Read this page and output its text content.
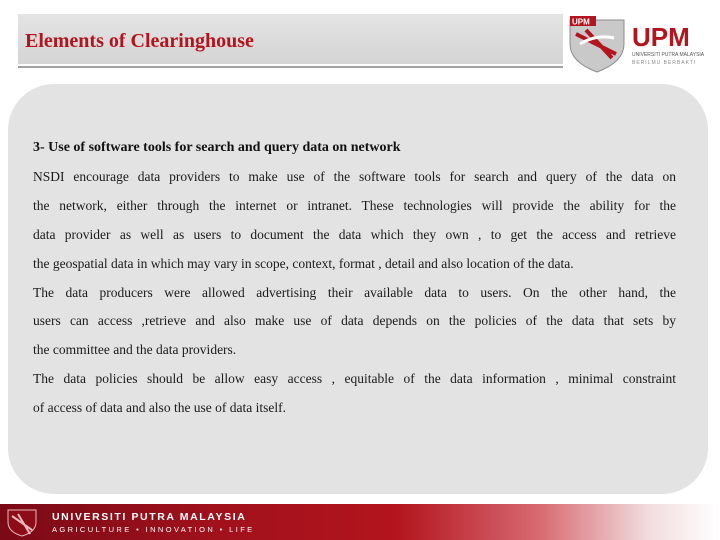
Elements of Clearinghouse
UPM UPM
UNIVERSITI PUTRA MALAYSIA
BERILMU BERBAKTI
3- Use of software tools for search and query data on network
NSDI encourage data providers to make use of the software tools for search and query of the data on
the network, either through the internet or intranet. These technologies will provide the ability for the
data provider as well as users to document the data which they own , to get the access and retrieve
the geospatial data in which may vary in scope, context, format , detail and also location of the data.
The data producers were allowed advertising their available data to users. On the other hand, the
users can access ,retrieve and also make use of data depends on the policies of the data that sets by
the committee and the data providers.
The data policies should be allow easy access , equitable of the data information , minimal constraint
of access of data and also the use of data itself.
UNIVERSITI PUTRA MALAYSIA
AGRICULTURE • INNOVATION • LIFE
